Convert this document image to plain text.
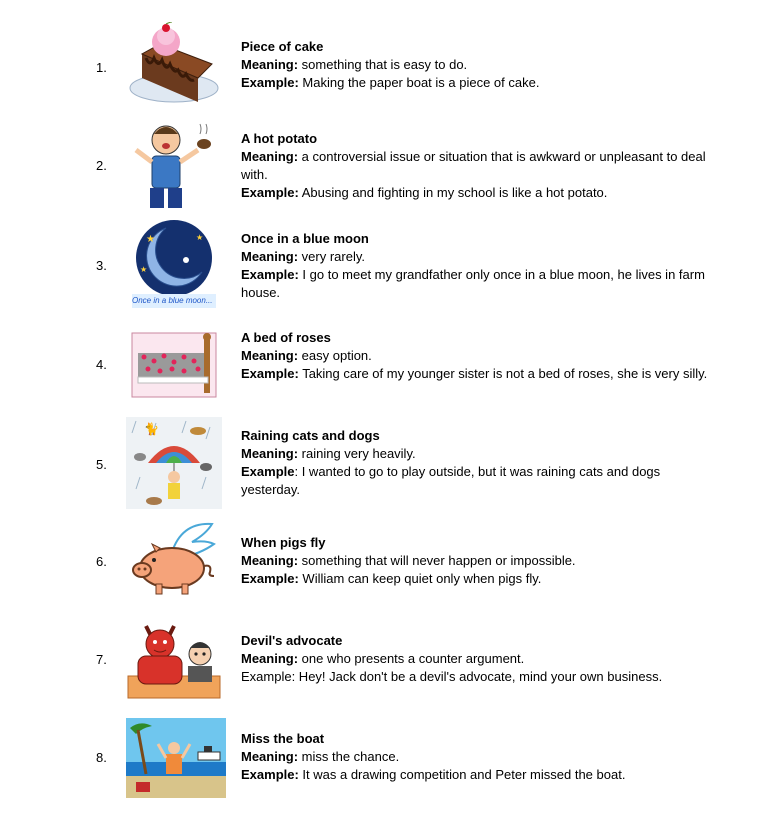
1.
Piece of cake
Meaning: something that is easy to do.
Example: Making the paper boat is a piece of cake.
2.
A hot potato
Meaning: a controversial issue or situation that is awkward or unpleasant to deal with.
Example: Abusing and fighting in my school is like a hot potato.
3.
★	★
★
Once in a blue moon...
Once in a blue moon
Meaning: very rarely.
Example: I go to meet my grandfather only once in a blue moon, he lives in farm house.
4.
A bed of roses
Meaning: easy option.
Example: Taking care of my younger sister is not a bed of roses, she is very silly.
5.
🐈	Raining cats and dogs
Meaning: raining very heavily.
Example: I wanted to go to play outside, but it was raining cats and dogs yesterday.
6.
When pigs fly
Meaning: something that will never happen or impossible.
Example: William can keep quiet only when pigs fly.
7.
Devil's advocate
Meaning: one who presents a counter argument.
Example: Hey! Jack don't be a devil's advocate, mind your own business.
8.
Miss the boat
Meaning: miss the chance.
Example: It was a drawing competition and Peter missed the boat.
